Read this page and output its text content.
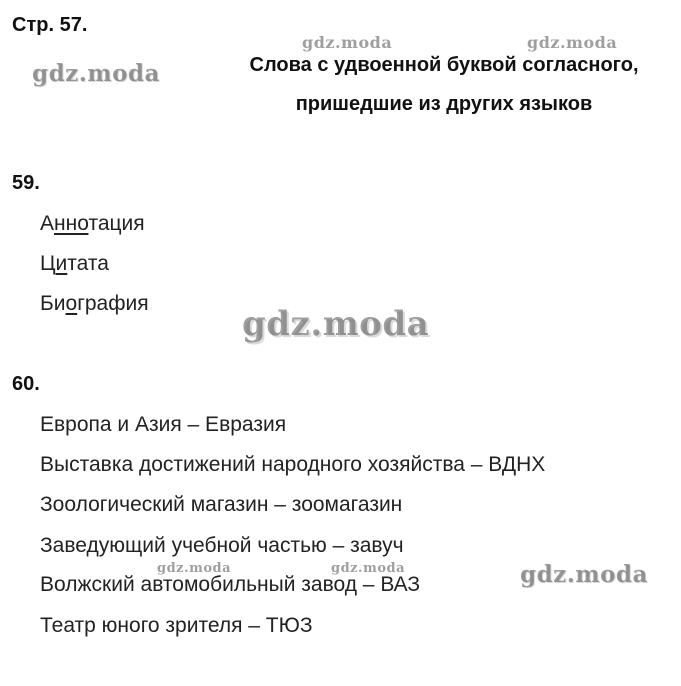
Стр. 57.
Слова с удвоенной буквой согласного,
пришедшие из других языков
59.
Аннотация
Цитата
Биография
60.
Европа и Азия – Евразия
Выставка достижений народного хозяйства – ВДНХ
Зоологический магазин – зоомагазин
Заведующий учебной частью – завуч
Волжский автомобильный завод – ВАЗ
Театр юного зрителя – ТЮЗ
gdz.moda	gdz.moda
gdz.moda
gdz.moda
gdz.moda
gdz.moda	gdz.moda
